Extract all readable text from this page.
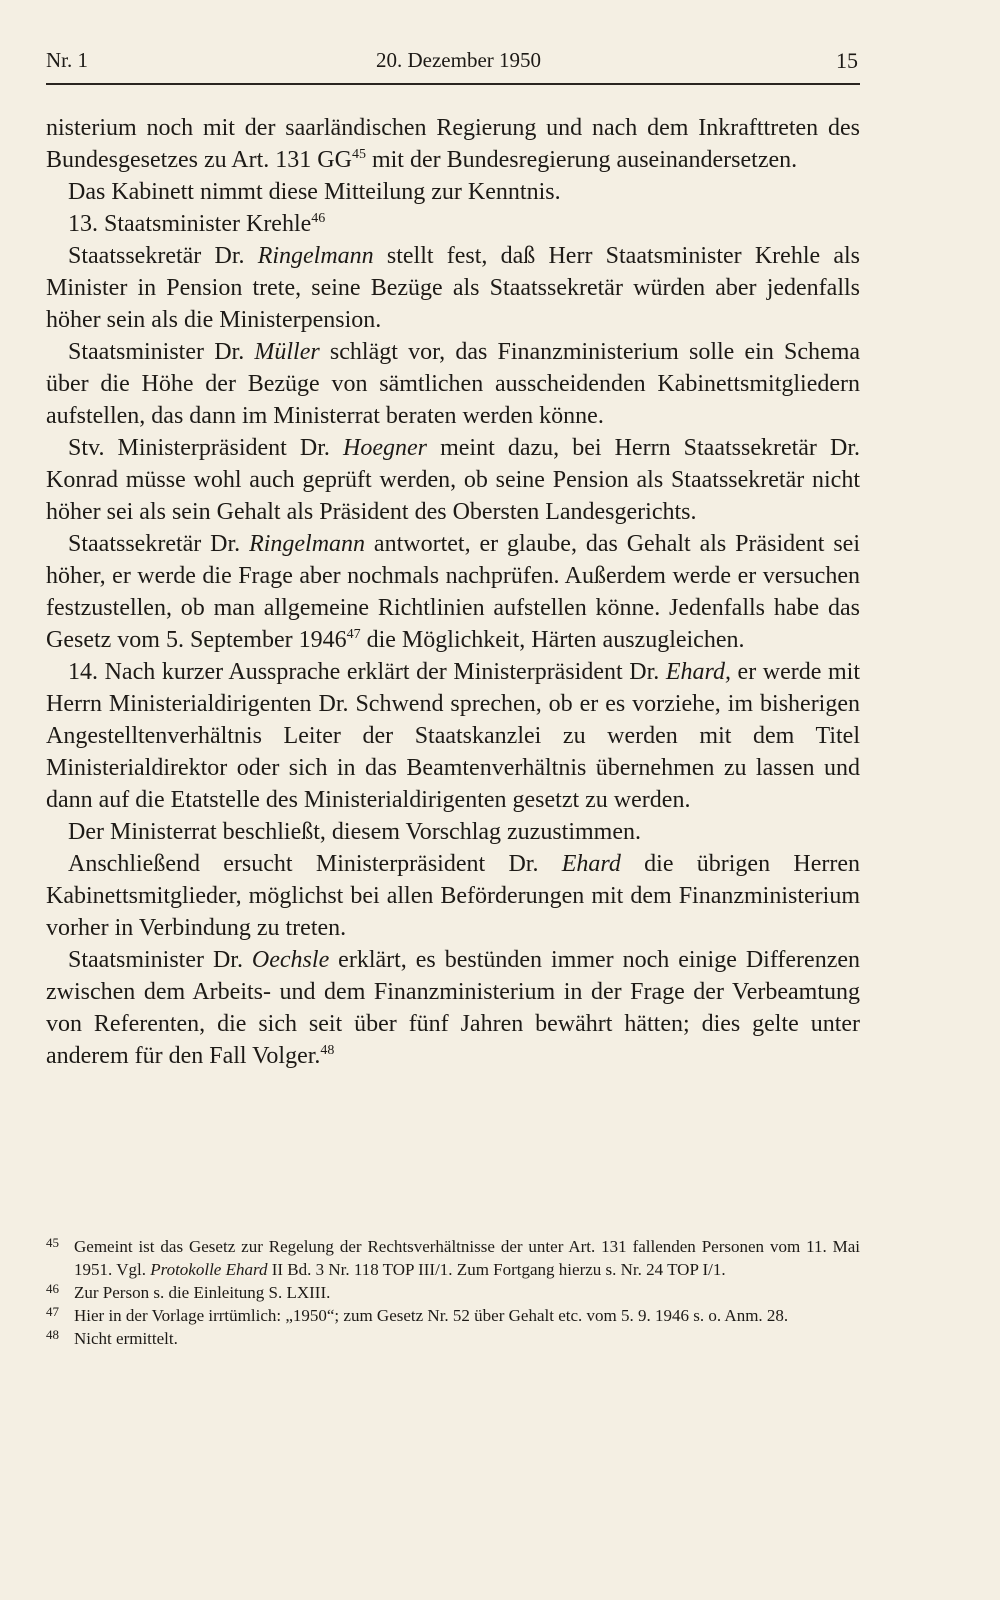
Nr. 1	20. Dezember 1950	15

nisterium noch mit der saarländischen Regierung und nach dem Inkrafttreten des Bundesgesetzes zu Art. 131 GG$^{45}$ mit der Bundesregierung auseinandersetzen.

Das Kabinett nimmt diese Mitteilung zur Kenntnis.

13. Staatsminister Krehle$^{46}$

Staatssekretär Dr. Ringelmann stellt fest, daß Herr Staatsminister Krehle als Minister in Pension trete, seine Bezüge als Staatssekretär würden aber jedenfalls höher sein als die Ministerpension.

Staatsminister Dr. Müller schlägt vor, das Finanzministerium solle ein Schema über die Höhe der Bezüge von sämtlichen ausscheidenden Kabinettsmitgliedern aufstellen, das dann im Ministerrat beraten werden könne.

Stv. Ministerpräsident Dr. Hoegner meint dazu, bei Herrn Staatssekretär Dr. Konrad müsse wohl auch geprüft werden, ob seine Pension als Staatssekretär nicht höher sei als sein Gehalt als Präsident des Obersten Landesgerichts.

Staatssekretär Dr. Ringelmann antwortet, er glaube, das Gehalt als Präsident sei höher, er werde die Frage aber nochmals nachprüfen. Außerdem werde er versuchen festzustellen, ob man allgemeine Richtlinien aufstellen könne. Jedenfalls habe das Gesetz vom 5. September 1946$^{47}$ die Möglichkeit, Härten auszugleichen.

14. Nach kurzer Aussprache erklärt der Ministerpräsident Dr. Ehard, er werde mit Herrn Ministerialdirigenten Dr. Schwend sprechen, ob er es vorziehe, im bisherigen Angestelltenverhältnis Leiter der Staatskanzlei zu werden mit dem Titel Ministerialdirektor oder sich in das Beamtenverhältnis übernehmen zu lassen und dann auf die Etatstelle des Ministerialdirigenten gesetzt zu werden.

Der Ministerrat beschließt, diesem Vorschlag zuzustimmen.

Anschließend ersucht Ministerpräsident Dr. Ehard die übrigen Herren Kabinettsmitglieder, möglichst bei allen Beförderungen mit dem Finanzministerium vorher in Verbindung zu treten.

Staatsminister Dr. Oechsle erklärt, es bestünden immer noch einige Differenzen zwischen dem Arbeits- und dem Finanzministerium in der Frage der Verbeamtung von Referenten, die sich seit über fünf Jahren bewährt hätten; dies gelte unter anderem für den Fall Volger.$^{48}$

45 Gemeint ist das Gesetz zur Regelung der Rechtsverhältnisse der unter Art. 131 fallenden Personen vom 11. Mai 1951. Vgl. Protokolle Ehard II Bd. 3 Nr. 118 TOP III/1. Zum Fortgang hierzu s. Nr. 24 TOP I/1.
46 Zur Person s. die Einleitung S. LXIII.
47 Hier in der Vorlage irrtümlich: „1950“; zum Gesetz Nr. 52 über Gehalt etc. vom 5. 9. 1946 s. o. Anm. 28.
48 Nicht ermittelt.
